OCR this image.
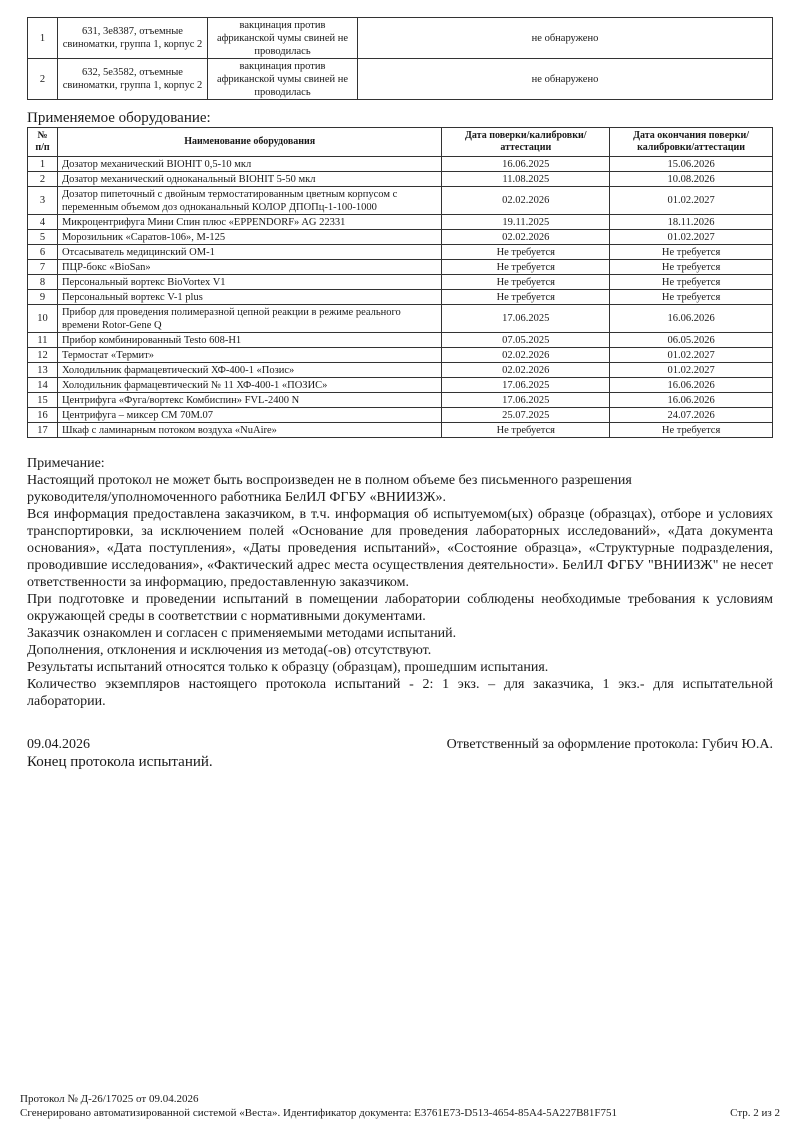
1	631, 3е8387, отъемные свиноматки, группа 1, корпус 2	вакцинация против африканской чумы свиней не проводилась	не обнаружено
2	632, 5е3582, отъемные свиноматки, группа 1, корпус 2	вакцинация против африканской чумы свиней не проводилась	не обнаружено
Применяемое оборудование:
№ п/п	Наименование оборудования	Дата поверки/калибровки/аттестации	Дата окончания поверки/калибровки/аттестации
1	Дозатор механический BIOHIT 0,5-10 мкл	16.06.2025	15.06.2026
2	Дозатор механический одноканальный BIOHIT 5-50 мкл	11.08.2025	10.08.2026
3	Дозатор пипеточный с двойным термостатированным цветным корпусом с переменным объемом доз одноканальный КОЛОР ДПОПц-1-100-1000	02.02.2026	01.02.2027
4	Микроцентрифуга Мини Спин плюс «EPPENDORF» AG 22331	19.11.2025	18.11.2026
5	Морозильник «Саратов-106», М-125	02.02.2026	01.02.2027
6	Отсасыватель медицинский ОМ-1	Не требуется	Не требуется
7	ПЦР-бокс «BioSan»	Не требуется	Не требуется
8	Персональный вортекс BioVortex V1	Не требуется	Не требуется
9	Персональный вортекс V-1 plus	Не требуется	Не требуется
10	Прибор для проведения полимеразной цепной реакции в режиме реального времени Rotor-Gene Q	17.06.2025	16.06.2026
11	Прибор комбинированный Testo 608-H1	07.05.2025	06.05.2026
12	Термостат «Термит»	02.02.2026	01.02.2027
13	Холодильник фармацевтический ХФ-400-1 «Позис»	02.02.2026	01.02.2027
14	Холодильник фармацевтический № 11 ХФ-400-1 «ПОЗИС»	17.06.2025	16.06.2026
15	Центрифуга «Фуга/вортекс Комбиспин» FVL-2400 N	17.06.2025	16.06.2026
16	Центрифуга – миксер СМ 70М.07	25.07.2025	24.07.2026
17	Шкаф с ламинарным потоком воздуха «NuAire»	Не требуется	Не требуется

Примечание:

Настоящий протокол не может быть воспроизведен не в полном объеме без письменного разрешения

руководителя/уполномоченного работника БелИЛ ФГБУ «ВНИИЗЖ».

Вся информация предоставлена заказчиком, в т.ч. информация об испытуемом(ых) образце (образцах), отборе и условиях транспортировки, за исключением полей «Основание для проведения лабораторных исследований», «Дата документа основания», «Дата поступления», «Даты проведения испытаний», «Состояние образца», «Структурные подразделения, проводившие исследования», «Фактический адрес места осуществления деятельности». БелИЛ ФГБУ "ВНИИЗЖ" не несет ответственности за информацию, предоставленную заказчиком.

При подготовке и проведении испытаний в помещении лаборатории соблюдены необходимые требования к условиям окружающей среды в соответствии с нормативными документами.

Заказчик ознакомлен и согласен с применяемыми методами испытаний.

Дополнения, отклонения и исключения из метода(-ов) отсутствуют.

Результаты испытаний относятся только к образцу (образцам), прошедшим испытания.

Количество экземпляров настоящего протокола испытаний - 2: 1 экз. – для заказчика, 1 экз.- для испытательной лаборатории.

09.04.2026	Ответственный за оформление протокола: Губич Ю.А.
Конец протокола испытаний.
Протокол № Д-26/17025 от 09.04.2026
Сгенерировано автоматизированной системой «Веста». Идентификатор документа: E3761E73-D513-4654-85A4-5A227B81F751	Стр. 2 из 2
